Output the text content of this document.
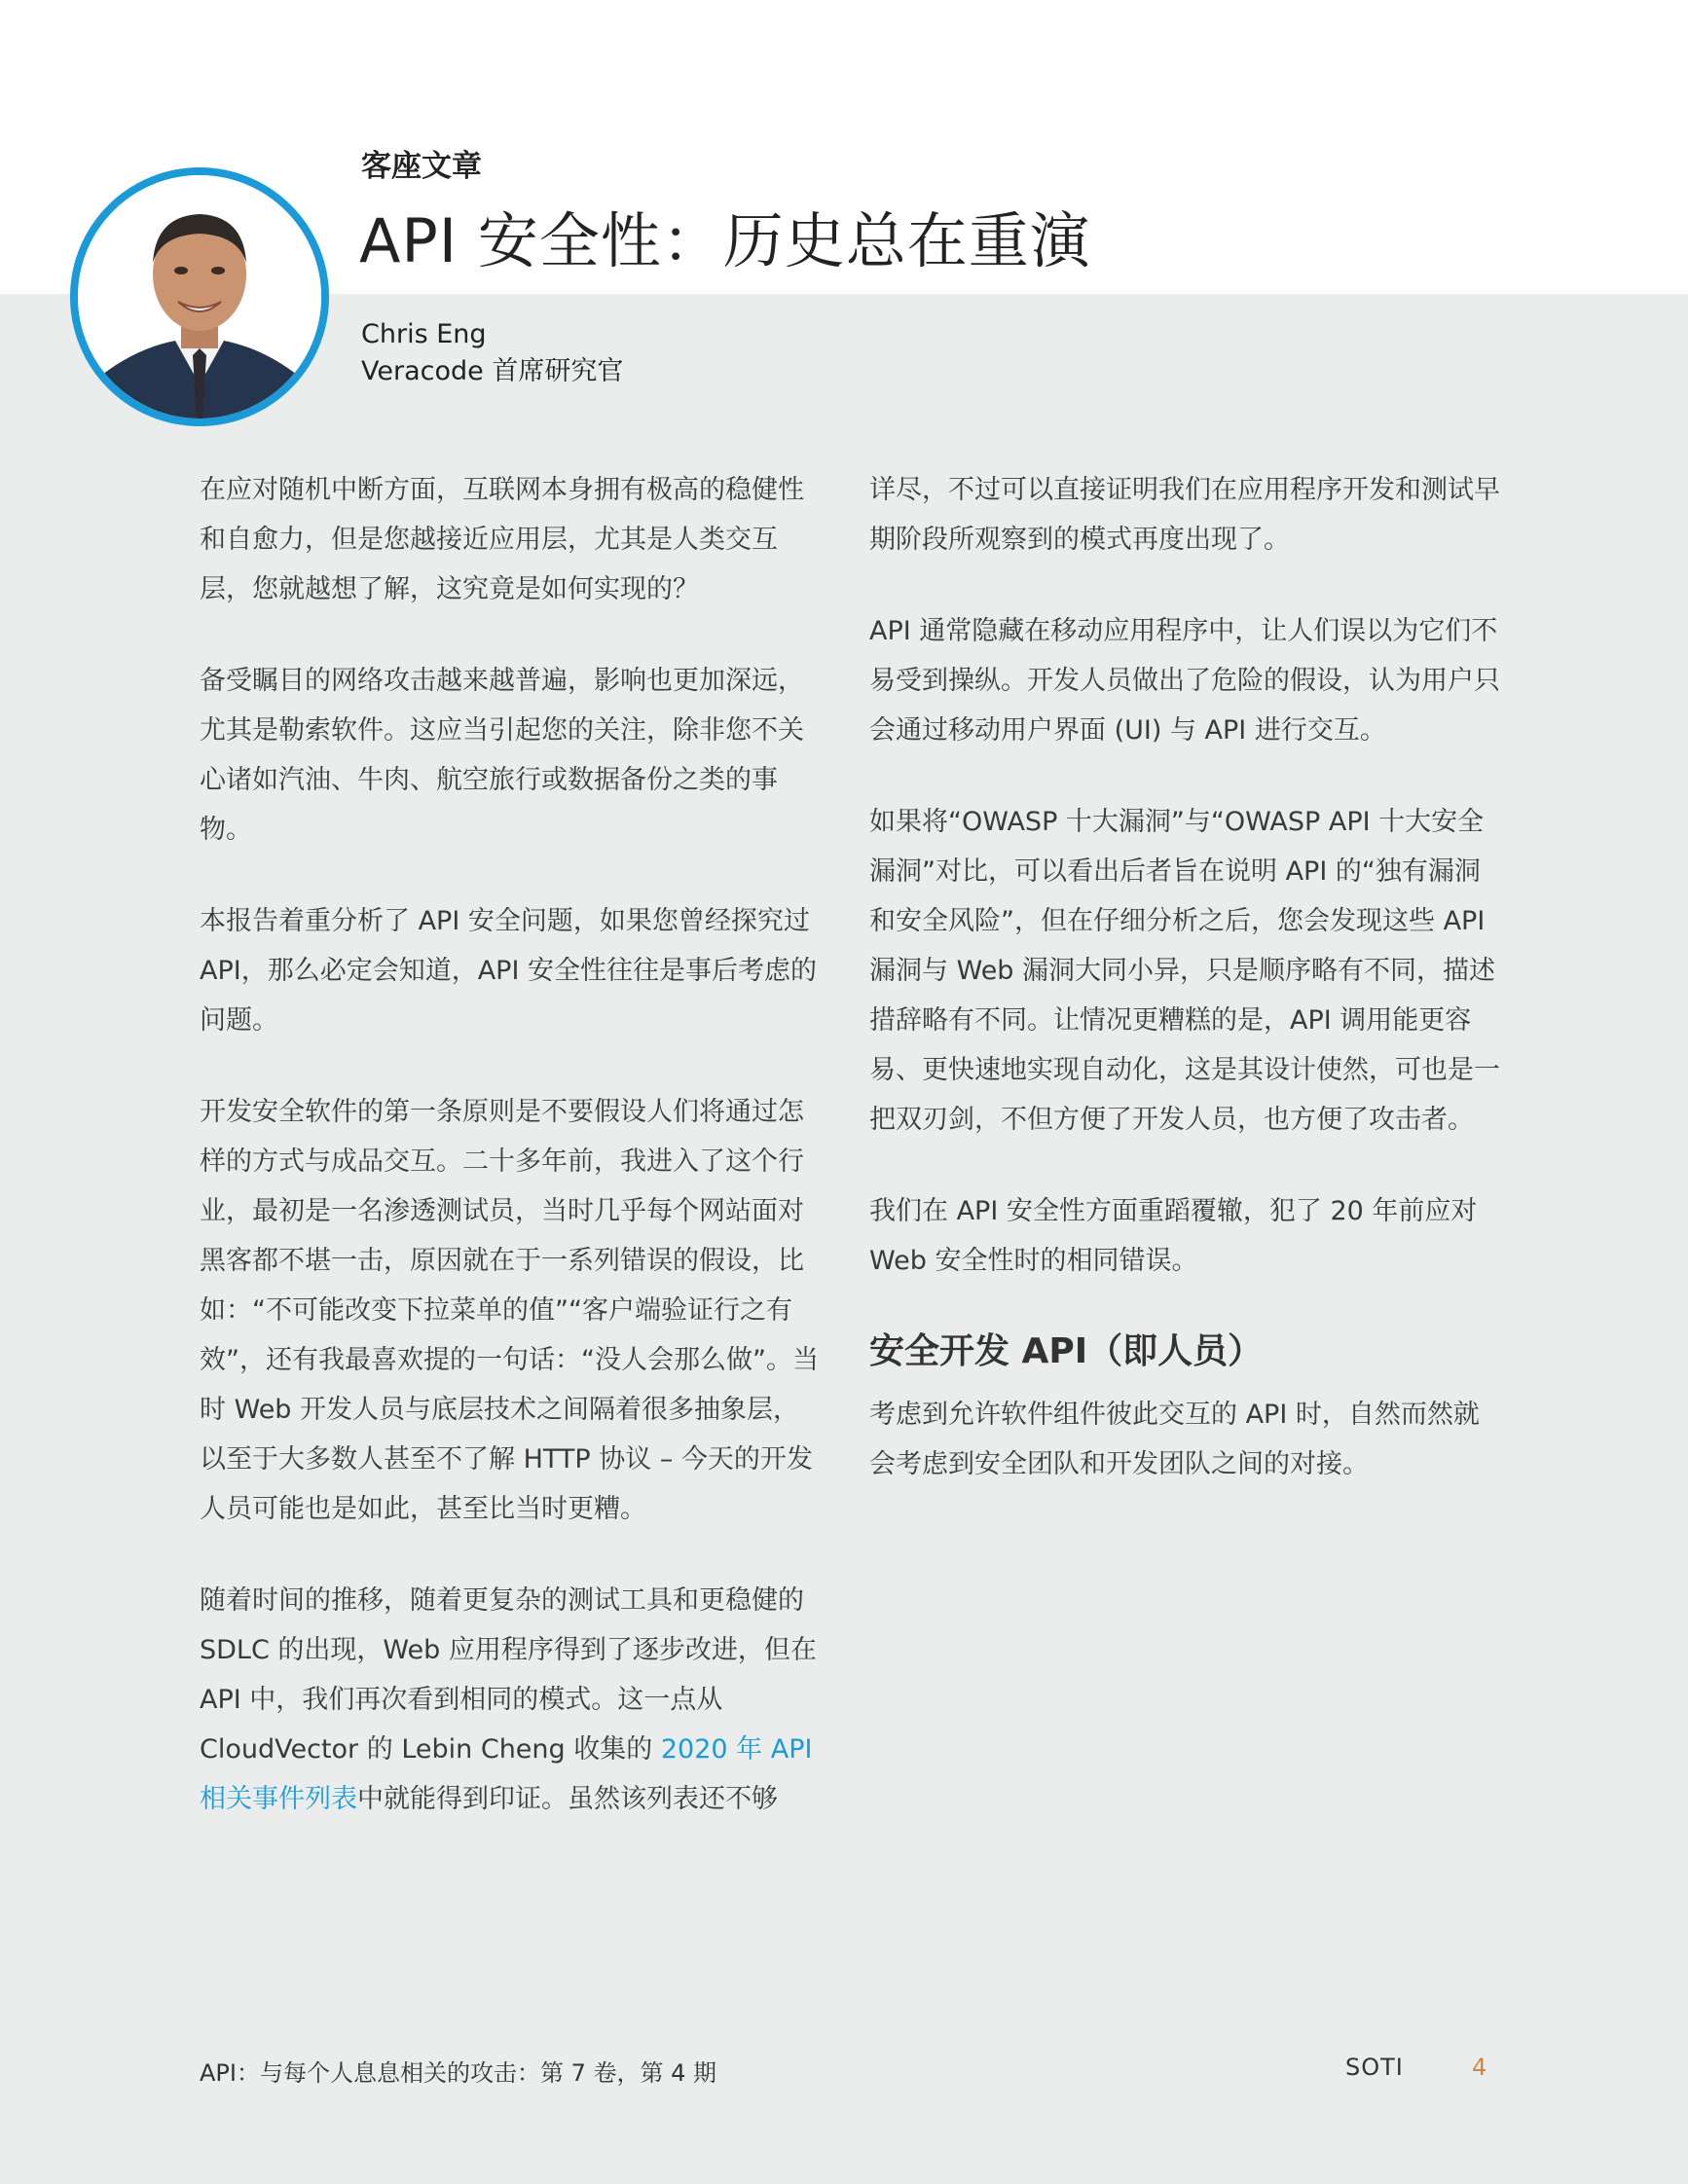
客座文章
API 安全性：历史总在重演
Chris Eng
Veracode 首席研究官

在应对随机中断方面，互联网本身拥有极高的稳健性和自愈力，但是您越接近应用层，尤其是人类交互层，您就越想了解，这究竟是如何实现的？

备受瞩目的网络攻击越来越普遍，影响也更加深远，尤其是勒索软件。这应当引起您的关注，除非您不关心诸如汽油、牛肉、航空旅行或数据备份之类的事物。

本报告着重分析了 API 安全问题，如果您曾经探究过 API，那么必定会知道，API 安全性往往是事后考虑的问题。

开发安全软件的第一条原则是不要假设人们将通过怎样的方式与成品交互。二十多年前，我进入了这个行业，最初是一名渗透测试员，当时几乎每个网站面对黑客都不堪一击，原因就在于一系列错误的假设，比如：“不可能改变下拉菜单的值”“客户端验证行之有效”，还有我最喜欢提的一句话：“没人会那么做”。当时 Web 开发人员与底层技术之间隔着很多抽象层，以至于大多数人甚至不了解 HTTP 协议 – 今天的开发人员可能也是如此，甚至比当时更糟。

随着时间的推移，随着更复杂的测试工具和更稳健的 SDLC 的出现，Web 应用程序得到了逐步改进，但在 API 中，我们再次看到相同的模式。这一点从 CloudVector 的 Lebin Cheng 收集的 2020 年 API 相关事件列表中就能得到印证。虽然该列表还不够

详尽，不过可以直接证明我们在应用程序开发和测试早期阶段所观察到的模式再度出现了。

API 通常隐藏在移动应用程序中，让人们误以为它们不易受到操纵。开发人员做出了危险的假设，认为用户只会通过移动用户界面 (UI) 与 API 进行交互。

如果将“OWASP 十大漏洞”与“OWASP API 十大安全漏洞”对比，可以看出后者旨在说明 API 的“独有漏洞和安全风险”，但在仔细分析之后，您会发现这些 API 漏洞与 Web 漏洞大同小异，只是顺序略有不同，描述措辞略有不同。让情况更糟糕的是，API 调用能更容易、更快速地实现自动化，这是其设计使然，可也是一把双刃剑，不但方便了开发人员，也方便了攻击者。

我们在 API 安全性方面重蹈覆辙，犯了 20 年前应对 Web 安全性时的相同错误。

安全开发 API（即人员）

考虑到允许软件组件彼此交互的 API 时，自然而然就会考虑到安全团队和开发团队之间的对接。

API：与每个人息息相关的攻击：第 7 卷，第 4 期	SOTI	4
